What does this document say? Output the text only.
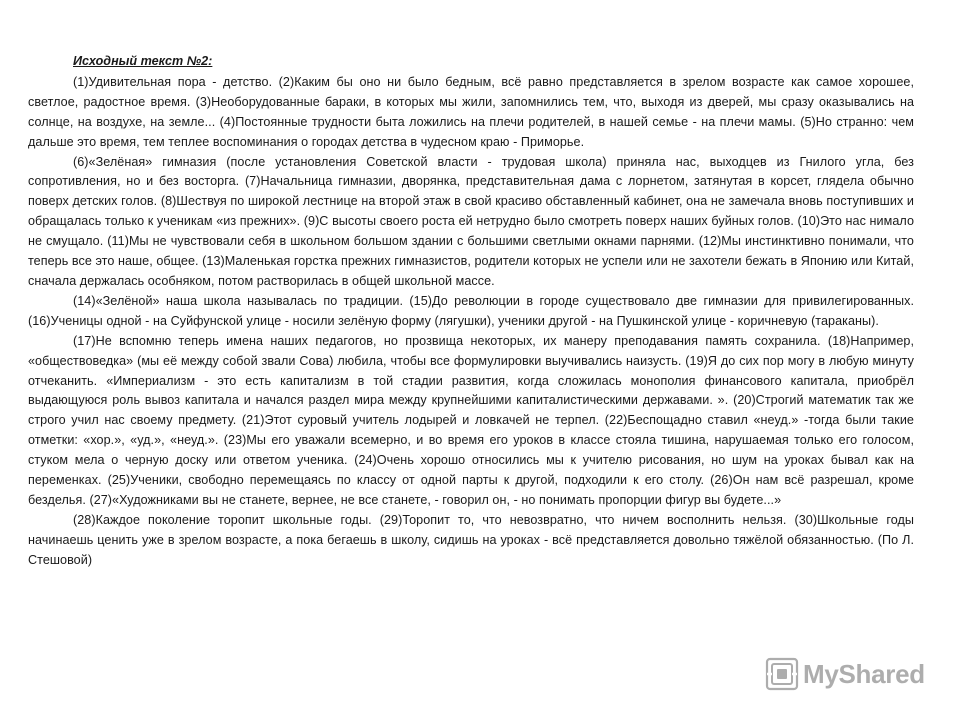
Исходный текст №2:

(1)Удивительная пора - детство. (2)Каким бы оно ни было бедным, всё равно представляется в зрелом возрасте как самое хорошее, светлое, радостное время. (3)Необорудованные бараки, в которых мы жили, запомнились тем, что, выходя из дверей, мы сразу оказывались на солнце, на воздухе, на земле... (4)Постоянные трудности быта ложились на плечи родителей, в нашей семье - на плечи мамы. (5)Но странно: чем дальше это время, тем теплее воспоминания о городах детства в чудесном краю - Приморье.

(6)«Зелёная» гимназия (после установления Советской власти - трудовая школа) приняла нас, выходцев из Гнилого угла, без сопротивления, но и без восторга. (7)Начальница гимназии, дворянка, представительная дама с лорнетом, затянутая в корсет, глядела обычно поверх детских голов. (8)Шествуя по широкой лестнице на второй этаж в свой красиво обставленный кабинет, она не замечала вновь поступивших и обращалась только к ученикам «из прежних». (9)С высоты своего роста ей нетрудно было смотреть поверх наших буйных голов. (10)Это нас нимало не смущало. (11)Мы не чувствовали себя в школьном большом здании с большими светлыми окнами парнями. (12)Мы инстинктивно понимали, что теперь все это наше, общее. (13)Маленькая горстка прежних гимназистов, родители которых не успели или не захотели бежать в Японию или Китай, сначала держалась особняком, потом растворилась в общей школьной массе.

(14)«Зелёной» наша школа называлась по традиции. (15)До революции в городе существовало две гимназии для привилегированных. (16)Ученицы одной - на Суйфунской улице - носили зелёную форму (лягушки), ученики другой - на Пушкинской улице - коричневую (тараканы).

(17)Не вспомню теперь имена наших педагогов, но прозвища некоторых, их манеру преподавания память сохранила. (18)Например, «обществоведка» (мы её между собой звали Сова) любила, чтобы все формулировки выучивались наизусть. (19)Я до сих пор могу в любую минуту отчеканить. «Империализм - это есть капитализм в той стадии развития, когда сложилась монополия финансового капитала, приобрёл выдающуюся роль вывоз капитала и начался раздел мира между крупнейшими капиталистическими державами. ». (20)Строгий математик так же строго учил нас своему предмету. (21)Этот суровый учитель лодырей и ловкачей не терпел. (22)Беспощадно ставил «неуд.» -тогда были такие отметки: «хор.», «уд.», «неуд.». (23)Мы его уважали всемерно, и во время его уроков в классе стояла тишина, нарушаемая только его голосом, стуком мела о черную доску или ответом ученика. (24)Очень хорошо относились мы к учителю рисования, но шум на уроках бывал как на переменках. (25)Ученики, свободно перемещаясь по классу от одной парты к другой, подходили к его столу. (26)Он нам всё разрешал, кроме безделья. (27)«Художниками вы не станете, вернее, не все станете, - говорил он, - но понимать пропорции фигур вы будете...»

(28)Каждое поколение торопит школьные годы. (29)Торопит то, что невозвратно, что ничем восполнить нельзя. (30)Школьные годы начинаешь ценить уже в зрелом возрасте, а пока бегаешь в школу, сидишь на уроках - всё представляется довольно тяжёлой обязанностью. (По Л. Стешовой)

MyShared
